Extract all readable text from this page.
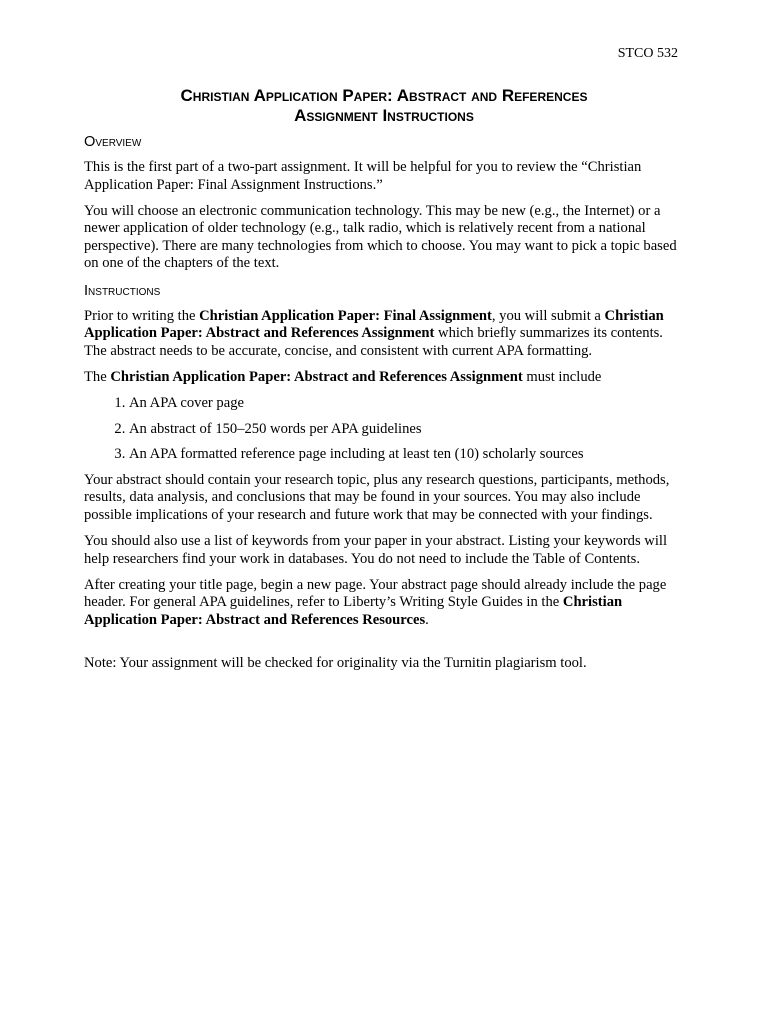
STCO 532
Christian Application Paper: Abstract and References
Assignment Instructions
Overview

This is the first part of a two-part assignment. It will be helpful for you to review the “Christian Application Paper: Final Assignment Instructions.”

You will choose an electronic communication technology. This may be new (e.g., the Internet) or a newer application of older technology (e.g., talk radio, which is relatively recent from a national perspective). There are many technologies from which to choose. You may want to pick a topic based on one of the chapters of the text.

Instructions

Prior to writing the Christian Application Paper: Final Assignment, you will submit a Christian Application Paper: Abstract and References Assignment which briefly summarizes its contents. The abstract needs to be accurate, concise, and consistent with current APA formatting.

The Christian Application Paper: Abstract and References Assignment must include

1. An APA cover page
2. An abstract of 150–250 words per APA guidelines
3. An APA formatted reference page including at least ten (10) scholarly sources

Your abstract should contain your research topic, plus any research questions, participants, methods, results, data analysis, and conclusions that may be found in your sources. You may also include possible implications of your research and future work that may be connected with your findings.

You should also use a list of keywords from your paper in your abstract. Listing your keywords will help researchers find your work in databases. You do not need to include the Table of Contents.

After creating your title page, begin a new page. Your abstract page should already include the page header. For general APA guidelines, refer to Liberty’s Writing Style Guides in the Christian Application Paper: Abstract and References Resources.

Note: Your assignment will be checked for originality via the Turnitin plagiarism tool.
